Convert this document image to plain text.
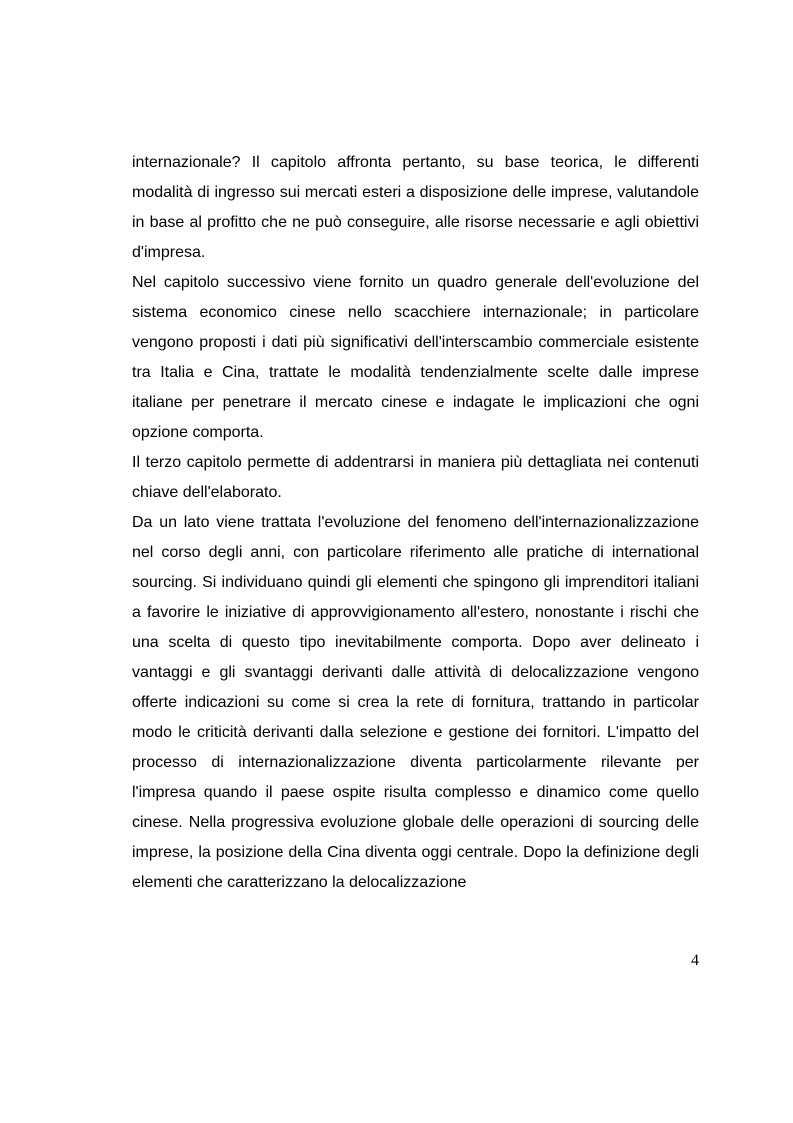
internazionale? Il capitolo affronta pertanto, su base teorica, le differenti modalità di ingresso sui mercati esteri a disposizione delle imprese, valutandole in base al profitto che ne può conseguire, alle risorse necessarie e agli obiettivi d'impresa.

Nel capitolo successivo viene fornito un quadro generale dell'evoluzione del sistema economico cinese nello scacchiere internazionale; in particolare vengono proposti i dati più significativi dell'interscambio commerciale esistente tra Italia e Cina, trattate le modalità tendenzialmente scelte dalle imprese italiane per penetrare il mercato cinese e indagate le implicazioni che ogni opzione comporta.

Il terzo capitolo permette di addentrarsi in maniera più dettagliata nei contenuti chiave dell'elaborato.

Da un lato viene trattata l'evoluzione del fenomeno dell'internazionalizzazione nel corso degli anni, con particolare riferimento alle pratiche di international sourcing. Si individuano quindi gli elementi che spingono gli imprenditori italiani a favorire le iniziative di approvvigionamento all'estero, nonostante i rischi che una scelta di questo tipo inevitabilmente comporta. Dopo aver delineato i vantaggi e gli svantaggi derivanti dalle attività di delocalizzazione vengono offerte indicazioni su come si crea la rete di fornitura, trattando in particolar modo le criticità derivanti dalla selezione e gestione dei fornitori. L'impatto del processo di internazionalizzazione diventa particolarmente rilevante per l'impresa quando il paese ospite risulta complesso e dinamico come quello cinese. Nella progressiva evoluzione globale delle operazioni di sourcing delle imprese, la posizione della Cina diventa oggi centrale. Dopo la definizione degli elementi che caratterizzano la delocalizzazione

4
